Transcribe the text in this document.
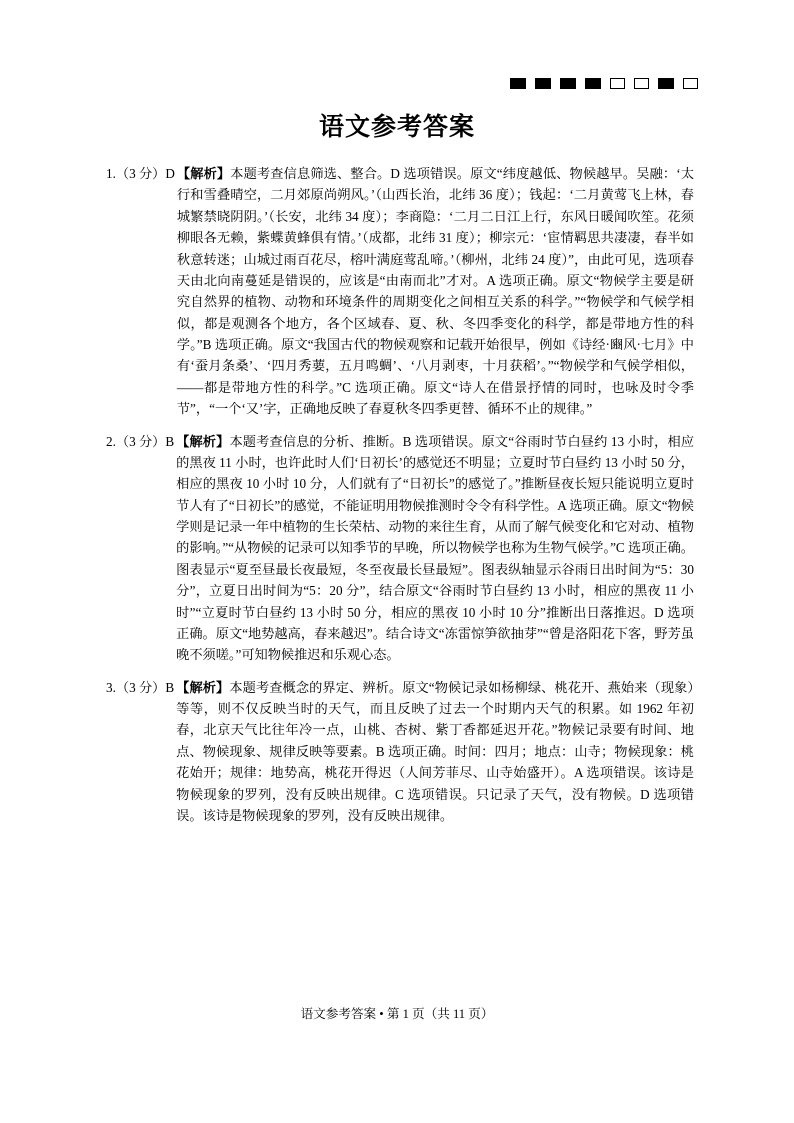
语文参考答案
1.（3 分）D 【解析】本题考查信息筛选、整合。D 选项错误。原文“纬度越低、物候越早。吴融：‘太行和雪叠晴空，二月郊原尚朔风。’（山西长治，北纬 36 度）；钱起：‘二月黄莺飞上林，春城繁禁晓阴阴。’（长安，北纬 34 度）；李商隐：‘二月二日江上行，东风日暖闻吹笙。花须柳眼各无赖，紫蝶黄蜂俱有情。’（成都，北纬 31 度）；柳宗元：‘宦情羁思共凄凄，春半如秋意转迷；山城过雨百花尽，榕叶满庭莺乱啼。’（柳州，北纬 24 度）”，由此可见，选项春天由北向南蔓延是错误的，应该是“由南而北”才对。A 选项正确。原文“物候学主要是研究自然界的植物、动物和环境条件的周期变化之间相互关系的科学。”“物候学和气候学相似，都是观测各个地方，各个区域春、夏、秋、冬四季变化的科学，都是带地方性的科学。”B 选项正确。原文“我国古代的物候观察和记载开始很早，例如《诗经·豳风·七月》中有‘蚕月条桑’、‘四月秀葽，五月鸣蜩’、‘八月剥枣，十月获稻’。”“物候学和气候学相似，——都是带地方性的科学。”C 选项正确。原文“诗人在借景抒情的同时，也咏及时令季节”，“一个‘又’字，正确地反映了春夏秋冬四季更替、循环不止的规律。”
2.（3 分）B 【解析】本题考查信息的分析、推断。B 选项错误。原文“谷雨时节白昼约 13 小时，相应的黑夜 11 小时，也许此时人们‘日初长’的感觉还不明显；立夏时节白昼约 13 小时 50 分，相应的黑夜 10 小时 10 分，人们就有了“日初长”的感觉了。”推断昼夜长短只能说明立夏时节人有了“日初长”的感觉，不能证明用物候推测时令令有科学性。A 选项正确。原文“物候学则是记录一年中植物的生长荣枯、动物的来往生育，从而了解气候变化和它对动、植物的影响。”“从物候的记录可以知季节的早晚，所以物候学也称为生物气候学。”C 选项正确。图表显示“夏至昼最长夜最短，冬至夜最长昼最短”。图表纵轴显示谷雨日出时间为“5：30 分”，立夏日出时间为“5：20 分”，结合原文“谷雨时节白昼约 13 小时，相应的黑夜 11 小时”“立夏时节白昼约 13 小时 50 分，相应的黑夜 10 小时 10 分”推断出日落推迟。D 选项正确。原文“地势越高，春来越迟”。结合诗文“冻雷惊笋欲抽芽”“曾是洛阳花下客，野芳虽晚不须嗟。”可知物候推迟和乐观心态。
3.（3 分）B 【解析】本题考查概念的界定、辨析。原文“物候记录如杨柳绿、桃花开、燕始来（现象）等等，则不仅反映当时的天气，而且反映了过去一个时期内天气的积累。如 1962 年初春，北京天气比往年冷一点，山桃、杏树、紫丁香都延迟开花。”物候记录要有时间、地点、物候现象、规律反映等要素。B 选项正确。时间：四月；地点：山寺；物候现象：桃花始开；规律：地势高，桃花开得迟（人间芳菲尽、山寺始盛开）。A 选项错误。该诗是物候现象的罗列，没有反映出规律。C 选项错误。只记录了天气，没有物候。D 选项错误。该诗是物候现象的罗列，没有反映出规律。
语文参考答案 • 第 1 页（共 11 页）
